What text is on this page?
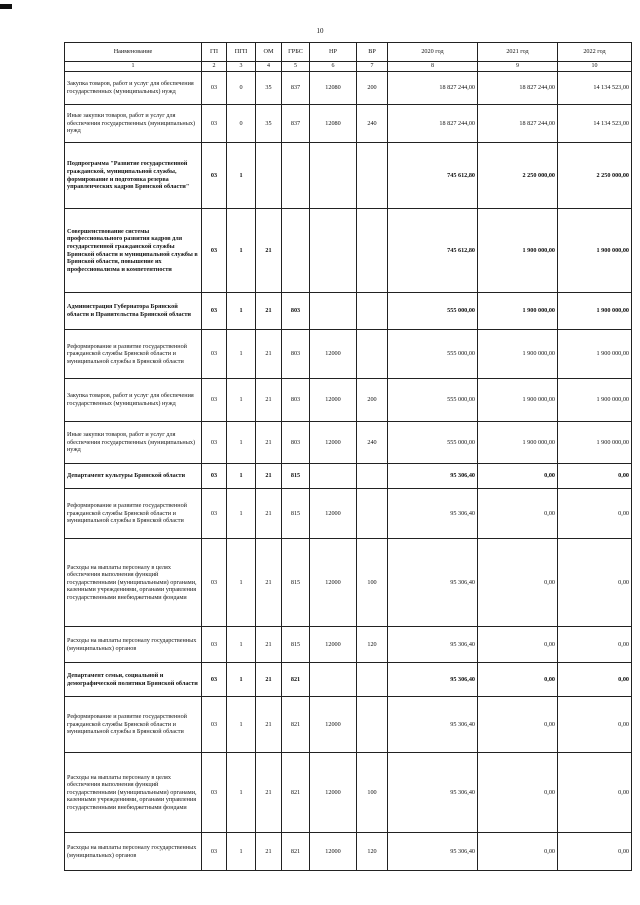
10
Наименование	ГП	ПГП	ОМ	ГРБС	НР	ВР	2020 год	2021 год	2022 год
1	2	3	4	5	6	7	8	9	10
Закупка товаров, работ и услуг для обеспечения государственных (муниципальных) нужд	03	0	35	837	12080	200	18 827 244,00	18 827 244,00	14 134 523,00
Иные закупки товаров, работ и услуг для обеспечения государственных (муниципальных) нужд	03	0	35	837	12080	240	18 827 244,00	18 827 244,00	14 134 523,00
Подпрограмма "Развитие государственной гражданской, муниципальной службы, формирование и подготовка резерва управленческих кадров Брянской области"	03	1					745 612,80	2 250 000,00	2 250 000,00
Совершенствование системы профессионального развития кадров для государственной гражданской службы Брянской области и муниципальной службы в Брянской области, повышение их профессионализма и компетентности	03	1	21				745 612,80	1 900 000,00	1 900 000,00
Администрация Губернатора Брянской области и Правительства Брянской области	03	1	21	803			555 000,00	1 900 000,00	1 900 000,00
Реформирование и развитие государственной гражданской службы Брянской области и муниципальной службы в Брянской области	03	1	21	803	12000		555 000,00	1 900 000,00	1 900 000,00
Закупка товаров, работ и услуг для обеспечения государственных (муниципальных) нужд	03	1	21	803	12000	200	555 000,00	1 900 000,00	1 900 000,00
Иные закупки товаров, работ и услуг для обеспечения государственных (муниципальных) нужд	03	1	21	803	12000	240	555 000,00	1 900 000,00	1 900 000,00
Департамент культуры Брянской области	03	1	21	815			95 306,40	0,00	0,00
Реформирование и развитие государственной гражданской службы Брянской области и муниципальной службы в Брянской области	03	1	21	815	12000		95 306,40	0,00	0,00
Расходы на выплаты персоналу в целях обеспечения выполнения функций государственными (муниципальными) органами, казенными учреждениями, органами управления государственными внебюджетными фондами	03	1	21	815	12000	100	95 306,40	0,00	0,00
Расходы на выплаты персоналу государственных (муниципальных) органов	03	1	21	815	12000	120	95 306,40	0,00	0,00
Департамент семьи, социальной и демографической политики Брянской области	03	1	21	821			95 306,40	0,00	0,00
Реформирование и развитие государственной гражданской службы Брянской области и муниципальной службы в Брянской области	03	1	21	821	12000		95 306,40	0,00	0,00
Расходы на выплаты персоналу в целях обеспечения выполнения функций государственными (муниципальными) органами, казенными учреждениями, органами управления государственными внебюджетными фондами	03	1	21	821	12000	100	95 306,40	0,00	0,00
Расходы на выплаты персоналу государственных (муниципальных) органов	03	1	21	821	12000	120	95 306,40	0,00	0,00
